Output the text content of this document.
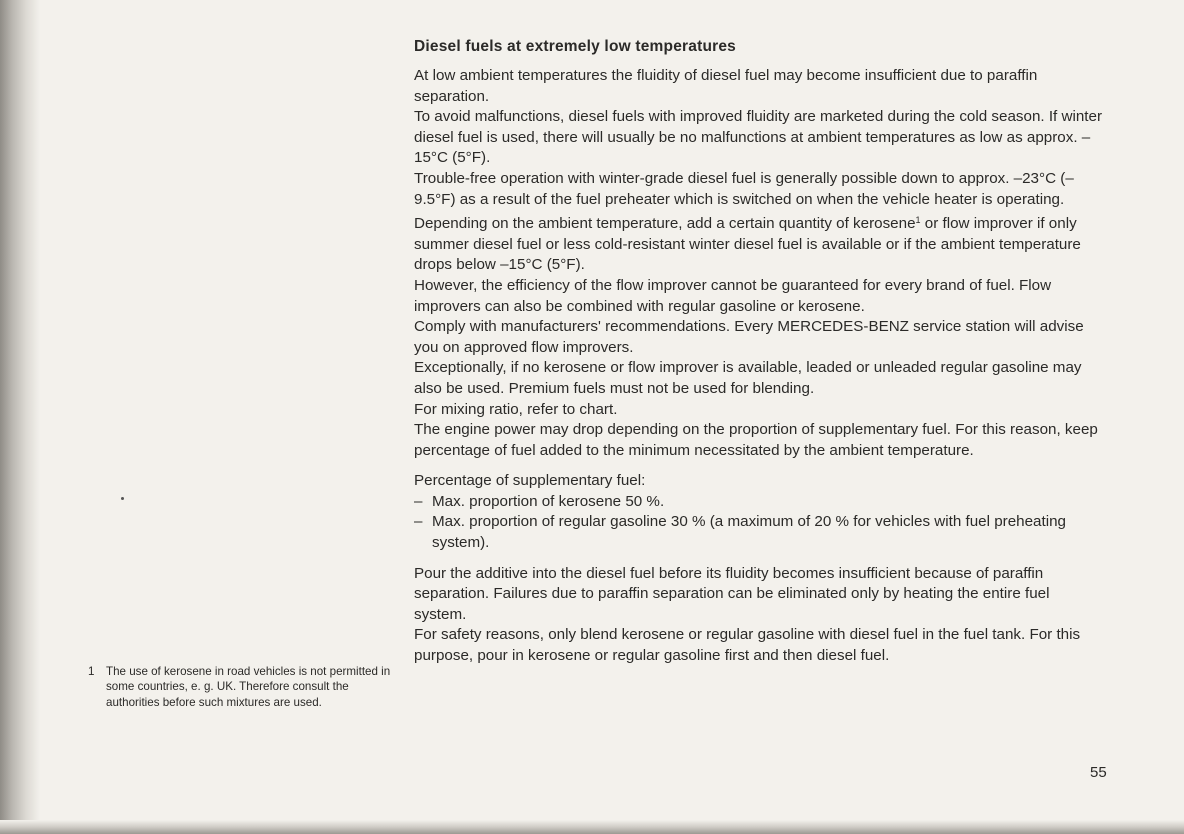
Diesel fuels at extremely low temperatures

At low ambient temperatures the fluidity of diesel fuel may become insufficient due to paraffin separation.

To avoid malfunctions, diesel fuels with improved fluidity are marketed during the cold season. If winter diesel fuel is used, there will usually be no malfunctions at ambient temperatures as low as approx. –15°C (5°F).

Trouble-free operation with winter-grade diesel fuel is generally possible down to approx. –23°C (–9.5°F) as a result of the fuel preheater which is switched on when the vehicle heater is operating.

Depending on the ambient temperature, add a certain quantity of kerosene$^1$ or flow improver if only summer diesel fuel or less cold-resistant winter diesel fuel is available or if the ambient temperature drops below –15°C (5°F).

However, the efficiency of the flow improver cannot be guaranteed for every brand of fuel. Flow improvers can also be combined with regular gasoline or kerosene.

Comply with manufacturers' recommendations. Every MERCEDES-BENZ service station will advise you on approved flow improvers.

Exceptionally, if no kerosene or flow improver is available, leaded or unleaded regular gasoline may also be used. Premium fuels must not be used for blending.

For mixing ratio, refer to chart.

The engine power may drop depending on the proportion of supplementary fuel. For this reason, keep percentage of fuel added to the minimum necessitated by the ambient temperature.

Percentage of supplementary fuel:

– Max. proportion of kerosene 50 %.
– Max. proportion of regular gasoline 30 % (a maximum of 20 % for vehicles with fuel preheating system).

Pour the additive into the diesel fuel before its fluidity becomes insufficient because of paraffin separation. Failures due to paraffin separation can be eliminated only by heating the entire fuel system.

For safety reasons, only blend kerosene or regular gasoline with diesel fuel in the fuel tank. For this purpose, pour in kerosene or regular gasoline first and then diesel fuel.

1 The use of kerosene in road vehicles is not permitted in some countries, e. g. UK. Therefore consult the authorities before such mixtures are used.

55
